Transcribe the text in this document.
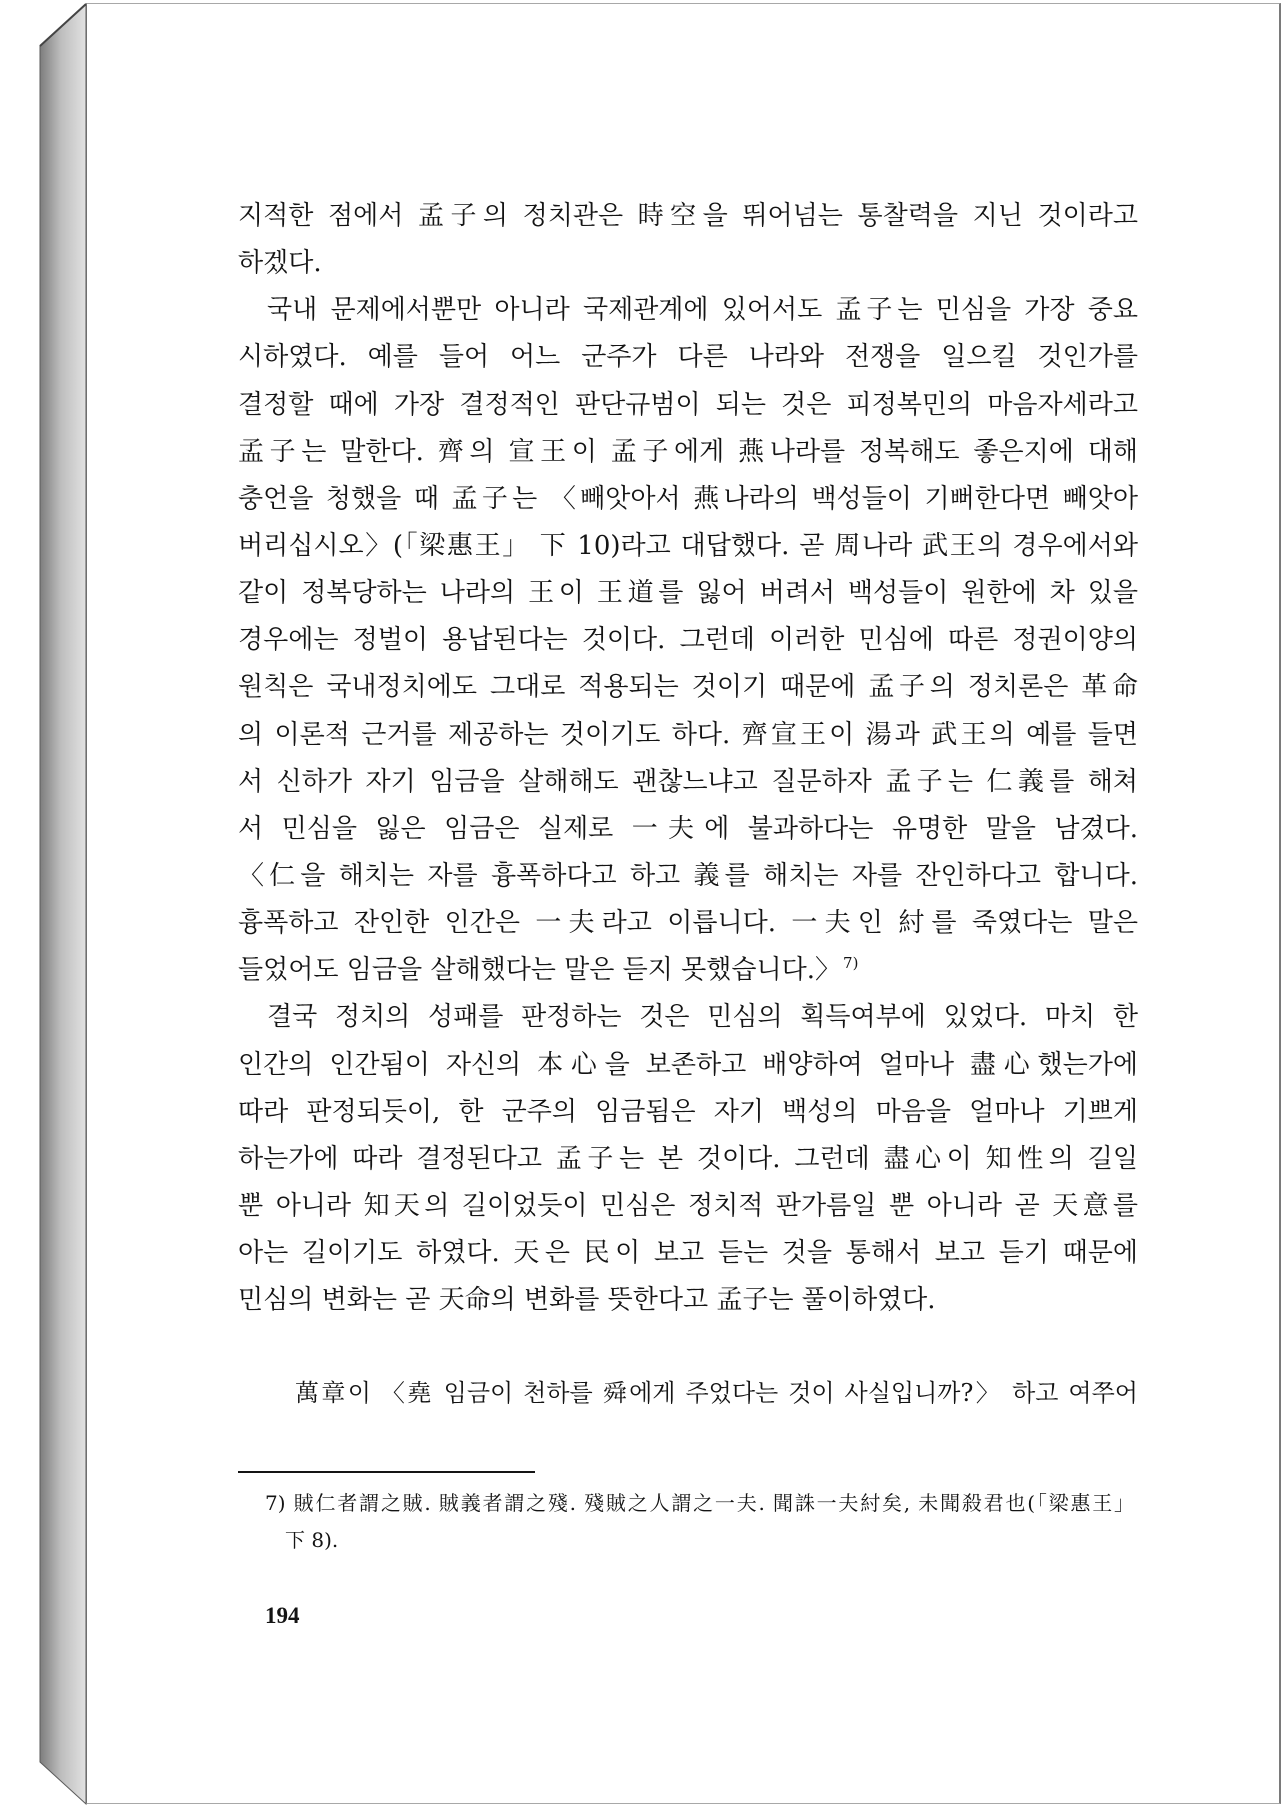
지적한 점에서 孟子의 정치관은 時空을 뛰어넘는 통찰력을 지닌 것이라고
하겠다.
국내 문제에서뿐만 아니라 국제관계에 있어서도 孟子는 민심을 가장 중요
시하였다. 예를 들어 어느 군주가 다른 나라와 전쟁을 일으킬 것인가를
결정할 때에 가장 결정적인 판단규범이 되는 것은 피정복민의 마음자세라고
孟子는 말한다. 齊의 宣王이 孟子에게 燕나라를 정복해도 좋은지에 대해
충언을 청했을 때 孟子는 〈빼앗아서 燕나라의 백성들이 기뻐한다면 빼앗아
버리십시오〉(「梁惠王」 下 10)라고 대답했다. 곧 周나라 武王의 경우에서와
같이 정복당하는 나라의 王이 王道를 잃어 버려서 백성들이 원한에 차 있을
경우에는 정벌이 용납된다는 것이다. 그런데 이러한 민심에 따른 정권이양의
원칙은 국내정치에도 그대로 적용되는 것이기 때문에 孟子의 정치론은 革命
의 이론적 근거를 제공하는 것이기도 하다. 齊宣王이 湯과 武王의 예를 들면
서 신하가 자기 임금을 살해해도 괜찮느냐고 질문하자 孟子는 仁義를 해쳐
서 민심을 잃은 임금은 실제로 一夫에 불과하다는 유명한 말을 남겼다.
〈仁을 해치는 자를 흉폭하다고 하고 義를 해치는 자를 잔인하다고 합니다.
흉폭하고 잔인한 인간은 一夫라고 이릅니다. 一夫인 紂를 죽였다는 말은
들었어도 임금을 살해했다는 말은 듣지 못했습니다.〉 $^{7)}$
결국 정치의 성패를 판정하는 것은 민심의 획득여부에 있었다. 마치 한
인간의 인간됨이 자신의 本心을 보존하고 배양하여 얼마나 盡心했는가에
따라 판정되듯이, 한 군주의 임금됨은 자기 백성의 마음을 얼마나 기쁘게
하는가에 따라 결정된다고 孟子는 본 것이다. 그런데 盡心이 知性의 길일
뿐 아니라 知天의 길이었듯이 민심은 정치적 판가름일 뿐 아니라 곧 天意를
아는 길이기도 하였다. 天은 民이 보고 듣는 것을 통해서 보고 듣기 때문에
민심의 변화는 곧 天命의 변화를 뜻한다고 孟子는 풀이하였다.
萬章이 〈堯 임금이 천하를 舜에게 주었다는 것이 사실입니까?〉 하고 여쭈어
7) 賊仁者謂之賊. 賊義者謂之殘. 殘賊之人謂之一夫. 聞誅一夫紂矣, 未聞殺君也(「梁惠王」
下 8).
194
